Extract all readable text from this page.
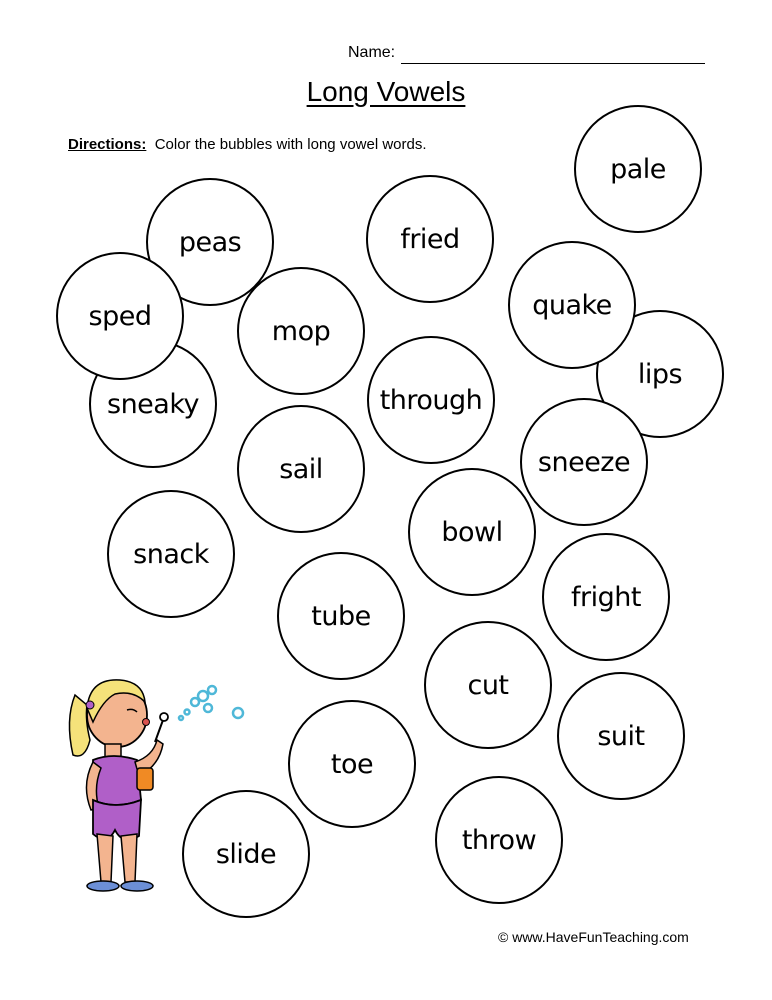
Name:
Long Vowels
Directions: Color the bubbles with long vowel words.
pale
peas	fried
sneaky
sped
lips
quake
mop
through
sail	sneeze
snack
bowl
fright
tube
cut
suit
toe
throw
slide
© www.HaveFunTeaching.com
